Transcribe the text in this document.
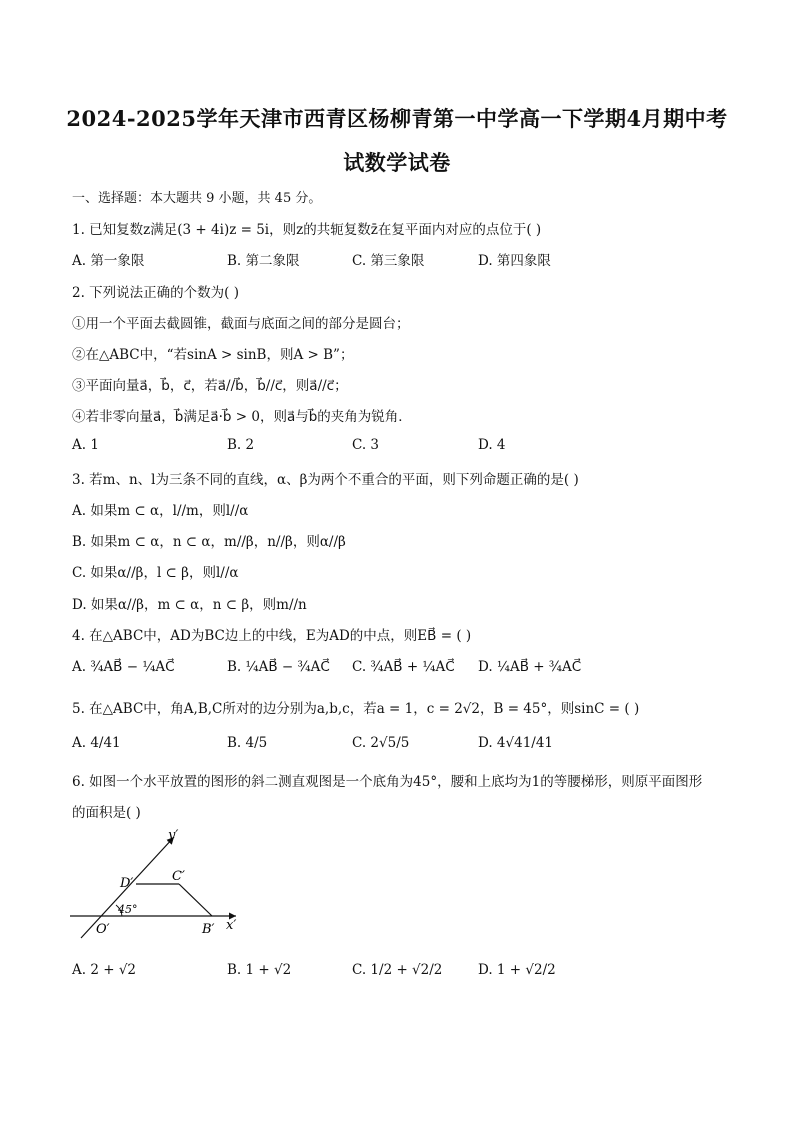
2024-2025学年天津市西青区杨柳青第一中学高一下学期4月期中考
试数学试卷
一、选择题：本大题共 9 小题，共 45 分。
1. 已知复数z满足(3 + 4i)z = 5i，则z的共轭复数z̄在复平面内对应的点位于( )
A. 第一象限	B. 第二象限	C. 第三象限	D. 第四象限
2. 下列说法正确的个数为( )
①用一个平面去截圆锥，截面与底面之间的部分是圆台；
②在△ABC中，“若sinA > sinB，则A > B”；
③平面向量a⃗，b⃗，c⃗，若a⃗//b⃗，b⃗//c⃗，则a⃗//c⃗；
④若非零向量a⃗，b⃗满足a⃗·b⃗ > 0，则a⃗与b⃗的夹角为锐角．
A. 1	B. 2	C. 3	D. 4
3. 若m、n、l为三条不同的直线，α、β为两个不重合的平面，则下列命题正确的是( )
A. 如果m ⊂ α，l//m，则l//α
B. 如果m ⊂ α，n ⊂ α，m//β，n//β，则α//β
C. 如果α//β，l ⊂ β，则l//α
D. 如果α//β，m ⊂ α，n ⊂ β，则m//n
4. 在△ABC中，AD为BC边上的中线，E为AD的中点，则EB⃗ = ( )
A. ¾AB⃗ − ¼AC⃗	B. ¼AB⃗ − ¾AC⃗ C. ¾AB⃗ + ¼AC⃗ D. ¼AB⃗ + ¾AC⃗
5. 在△ABC中，角A,B,C所对的边分别为a,b,c，若a = 1，c = 2√2，B = 45°，则sinC = ( )
A. 4/41	B. 4/5	C. 2√5/5	D. 4√41/41
6. 如图一个水平放置的图形的斜二测直观图是一个底角为45°，腰和上底均为1的等腰梯形，则原平面图形
的面积是( )
y′
x′
O′	B′
C′
D′
45°
A. 2 + √2	B. 1 + √2	C. 1/2 + √2/2	D. 1 + √2/2
